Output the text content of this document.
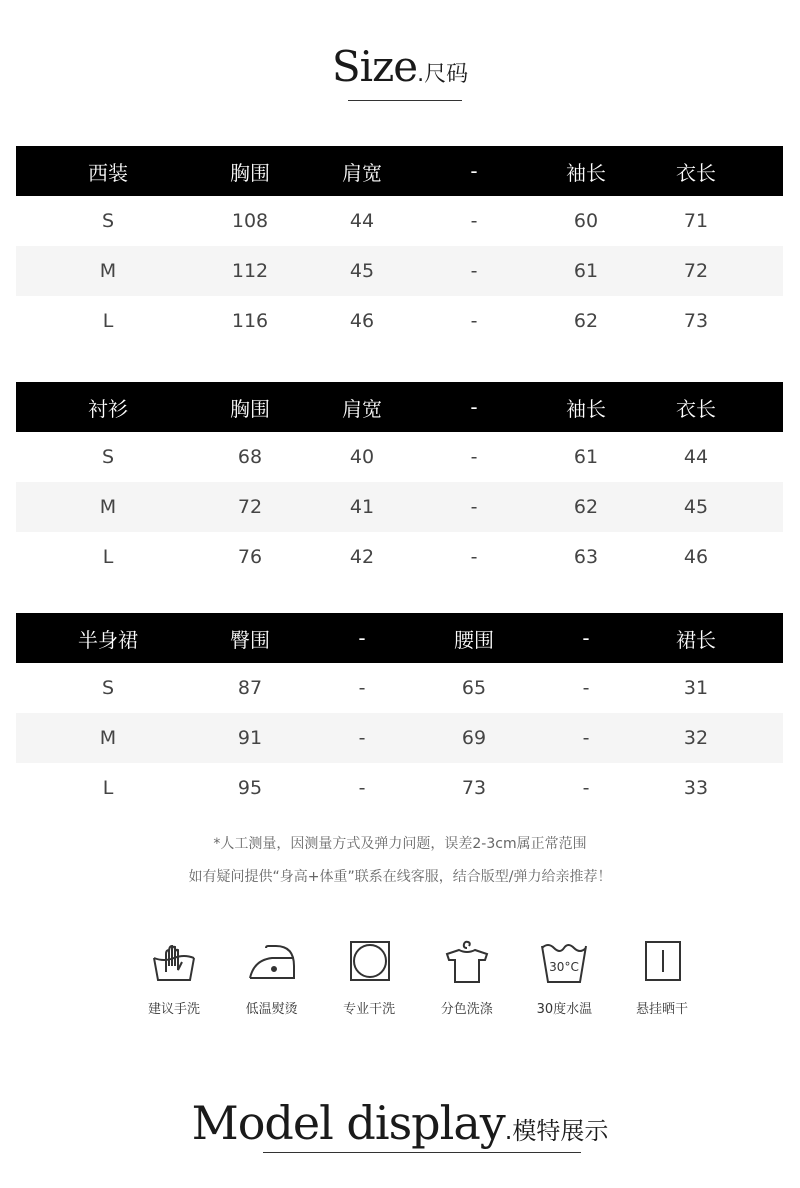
Size.尺码
西装	胸围	肩宽	-	袖长	衣长
S	108	44	-	60	71
M	112	45	-	61	72
L	116	46	-	62	73
衬衫	胸围	肩宽	-	袖长	衣长
S	68	40	-	61	44
M	72	41	-	62	45
L	76	42	-	63	46
半身裙	臀围	-	腰围	-	裙长
S	87	-	65	-	31
M	91	-	69	-	32
L	95	-	73	-	33
*人工测量，因测量方式及弹力问题，误差2-3cm属正常范围
如有疑问提供“身高+体重”联系在线客服，结合版型/弹力给亲推荐！
建议手洗	低温熨烫	专业干洗	分色洗涤
30°C
30度水温	悬挂晒干
Model display.模特展示
